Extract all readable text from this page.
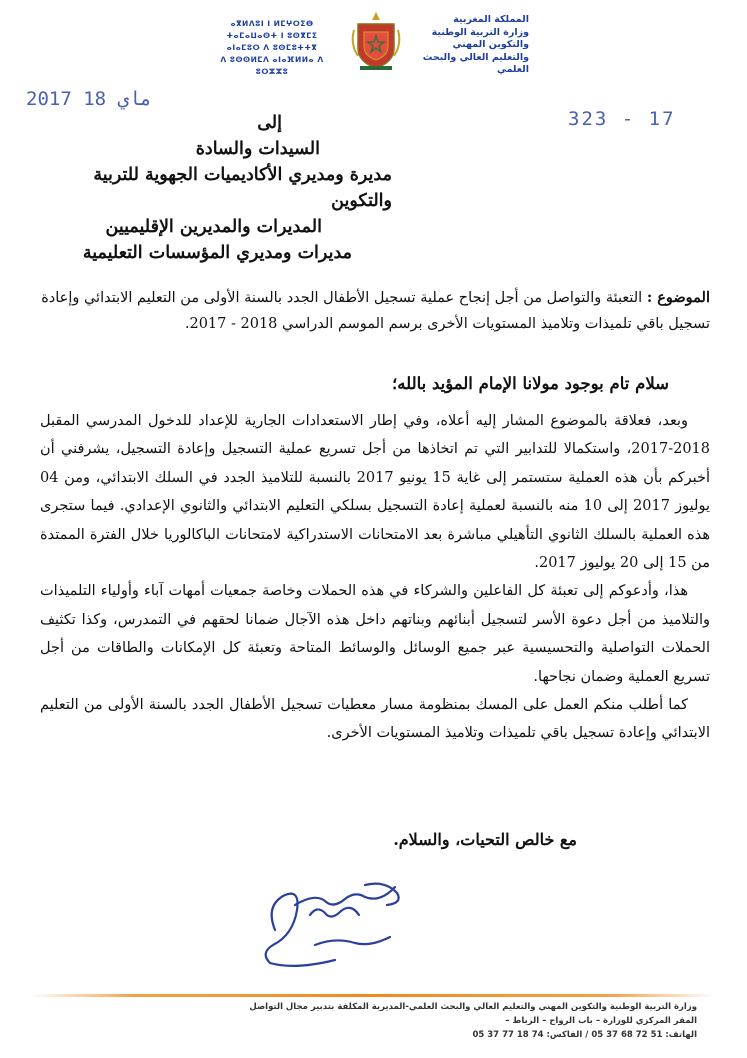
المملكة المغربية
وزارة التربية الوطنية
والتكوين المهني
والتعليم العالي والبحث العلمي
ⴰⴳⵍⴷⵓⵏ ⵏ ⵍⵎⵖⵔⵉⴱ
ⵜⴰⵎⴰⵡⴰⵙⵜ ⵏ ⵓⵙⴳⵎⵉ
ⴰⵏⴰⵎⵓⵔ ⴷ ⵓⵙⵎⵓⵜⵜⴳ
ⴷ ⵓⵙⵙⵍⵎⴷ ⴰⵏⴰⴼⵍⵍⴰ ⴷ ⵓⵔⵣⵣⵓ
2017 ماي 18
323 - 17
إلى
السيدات والسادة
مديرة ومديري الأكاديميات الجهوية للتربية والتكوين
المديرات والمديرين الإقليميين
مديرات ومديري المؤسسات التعليمية
الموضوع : التعبئة والتواصل من أجل إنجاح عملية تسجيل الأطفال الجدد بالسنة الأولى من التعليم الابتدائي وإعادة تسجيل باقي تلميذات وتلاميذ المستويات الأخرى برسم الموسم الدراسي 2018 - 2017.
سلام تام بوجود مولانا الإمام المؤيد بالله؛

وبعد، فعلاقة بالموضوع المشار إليه أعلاه، وفي إطار الاستعدادات الجارية للإعداد للدخول المدرسي المقبل 2018-2017، واستكمالا للتدابير التي تم اتخاذها من أجل تسريع عملية التسجيل وإعادة التسجيل، يشرفني أن أخبركم بأن هذه العملية ستستمر إلى غاية 15 يونيو 2017 بالنسبة للتلاميذ الجدد في السلك الابتدائي، ومن 04 يوليوز 2017 إلى 10 منه بالنسبة لعملية إعادة التسجيل بسلكي التعليم الابتدائي والثانوي الإعدادي. فيما ستجرى هذه العملية بالسلك الثانوي التأهيلي مباشرة بعد الامتحانات الاستدراكية لامتحانات الباكالوريا خلال الفترة الممتدة من 15 إلى 20 يوليوز 2017.

هذا، وأدعوكم إلى تعبئة كل الفاعلين والشركاء في هذه الحملات وخاصة جمعيات أمهات آباء وأولياء التلميذات والتلاميذ من أجل دعوة الأسر لتسجيل أبنائهم وبناتهم داخل هذه الآجال ضمانا لحقهم في التمدرس، وكذا تكثيف الحملات التواصلية والتحسيسية عبر جميع الوسائل والوسائط المتاحة وتعبئة كل الإمكانات والطاقات من أجل تسريع العملية وضمان نجاحها.

كما أطلب منكم العمل على المسك بمنظومة مسار معطيات تسجيل الأطفال الجدد بالسنة الأولى من التعليم الابتدائي وإعادة تسجيل باقي تلميذات وتلاميذ المستويات الأخرى.

مع خالص التحيات، والسلام.
وزارة التربية الوطنية والتكوين المهني والتعليم العالي والبحث العلمي-المديرية المكلفة بتدبير مجال التواصل
المقر المركزي للوزارة – باب الرواح – الرباط –
الهاتف: 51 72 68 37 05 / الفاكس: 74 18 77 37 05
